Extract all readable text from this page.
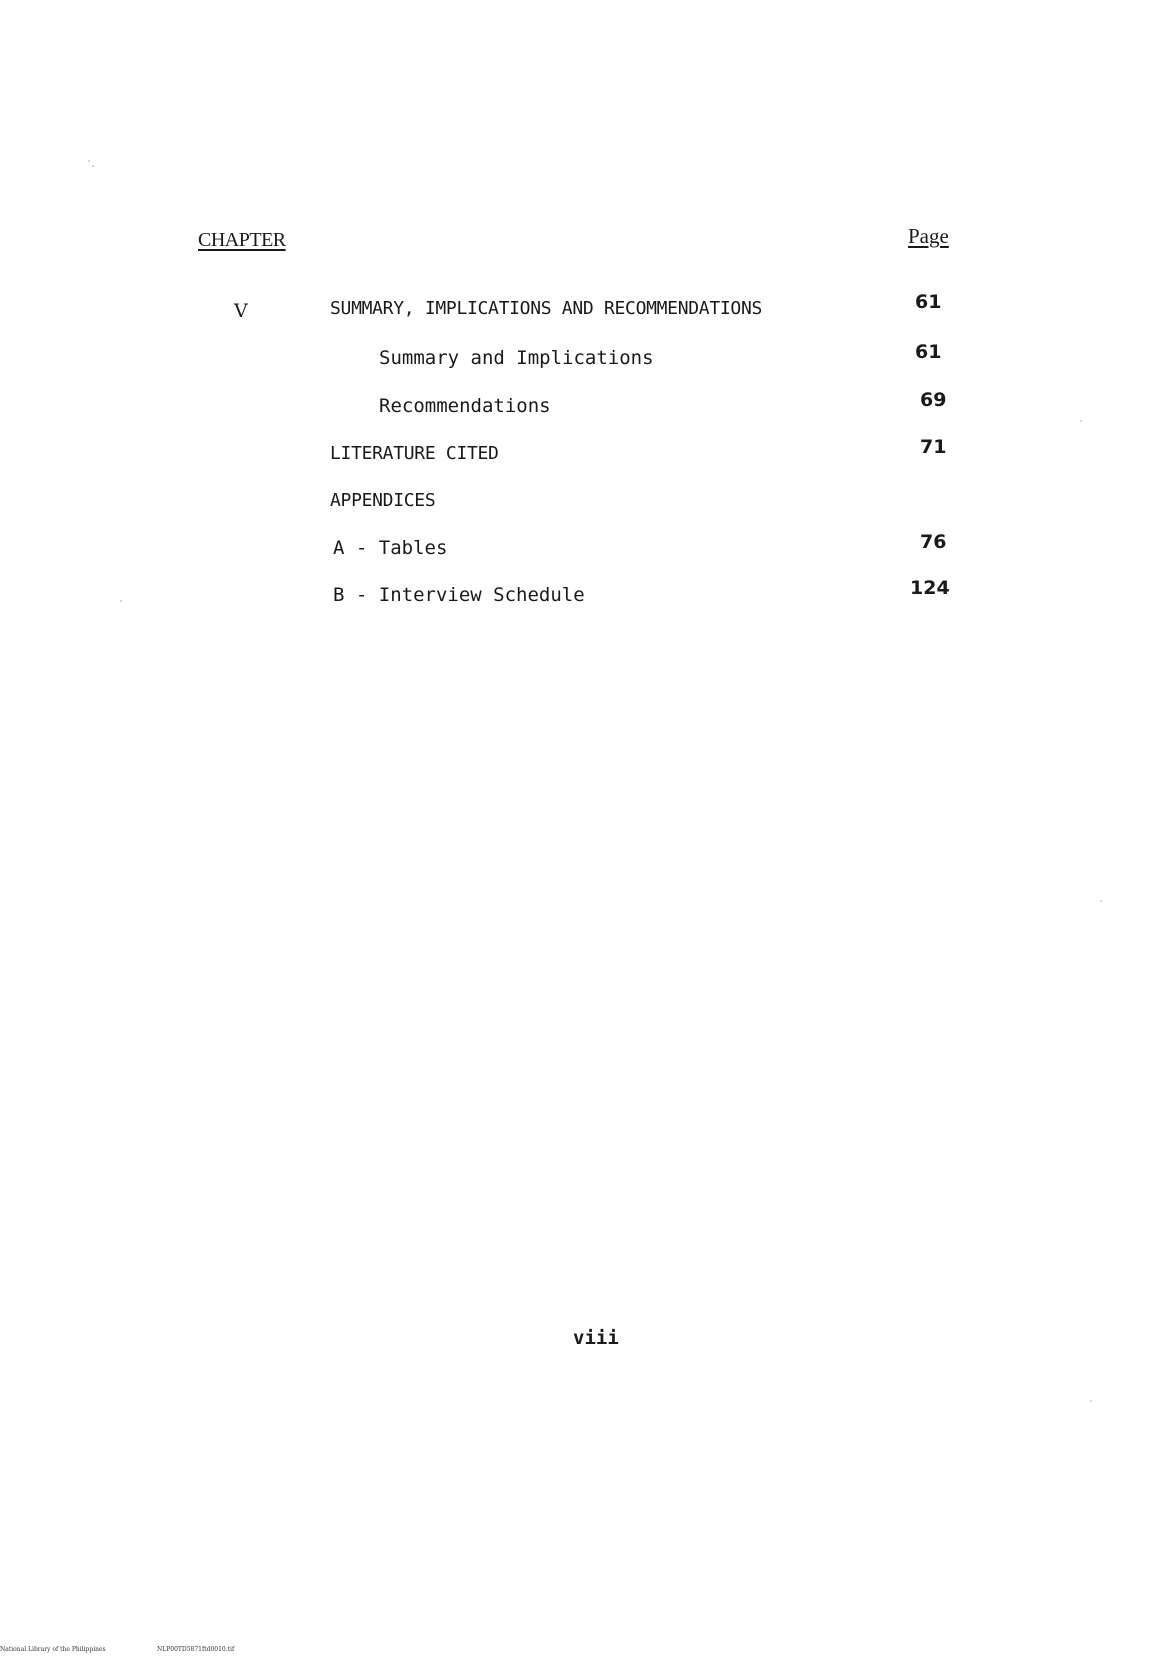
CHAPTER	Page
V	SUMMARY, IMPLICATIONS AND RECOMMENDATIONS	61
Summary and Implications	61
Recommendations	69
LITERATURE CITED	71
APPENDICES
A - Tables	76
B - Interview Schedule	124
viii
National Library of the Philippines	NLP00TD5871ftd0010.tif
